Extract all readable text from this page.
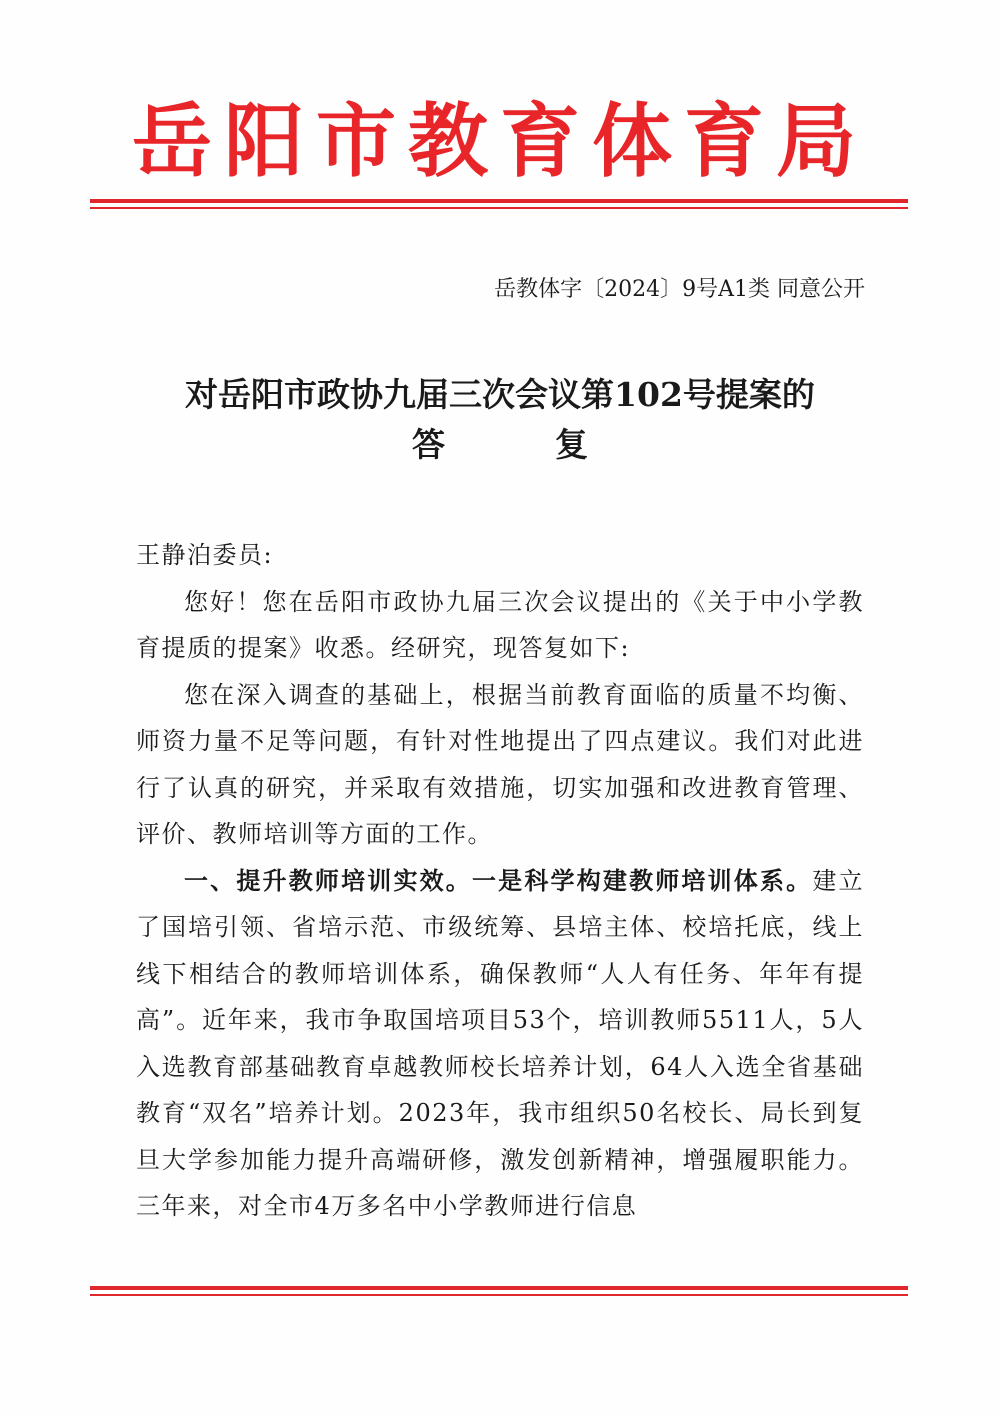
岳阳市教育体育局
岳教体字〔2024〕9号A1类 同意公开
对岳阳市政协九届三次会议第102号提案的
答	复

王静泊委员:

您好！您在岳阳市政协九届三次会议提出的《关于中小学教育提质的提案》收悉。经研究，现答复如下:

您在深入调查的基础上，根据当前教育面临的质量不均衡、师资力量不足等问题，有针对性地提出了四点建议。我们对此进行了认真的研究，并采取有效措施，切实加强和改进教育管理、评价、教师培训等方面的工作。

一、提升教师培训实效。一是科学构建教师培训体系。建立了国培引领、省培示范、市级统筹、县培主体、校培托底，线上线下相结合的教师培训体系，确保教师“人人有任务、年年有提高”。近年来，我市争取国培项目53个，培训教师5511人，5人入选教育部基础教育卓越教师校长培养计划，64人入选全省基础教育“双名”培养计划。2023年，我市组织50名校长、局长到复旦大学参加能力提升高端研修，激发创新精神，增强履职能力。三年来，对全市4万多名中小学教师进行信息
